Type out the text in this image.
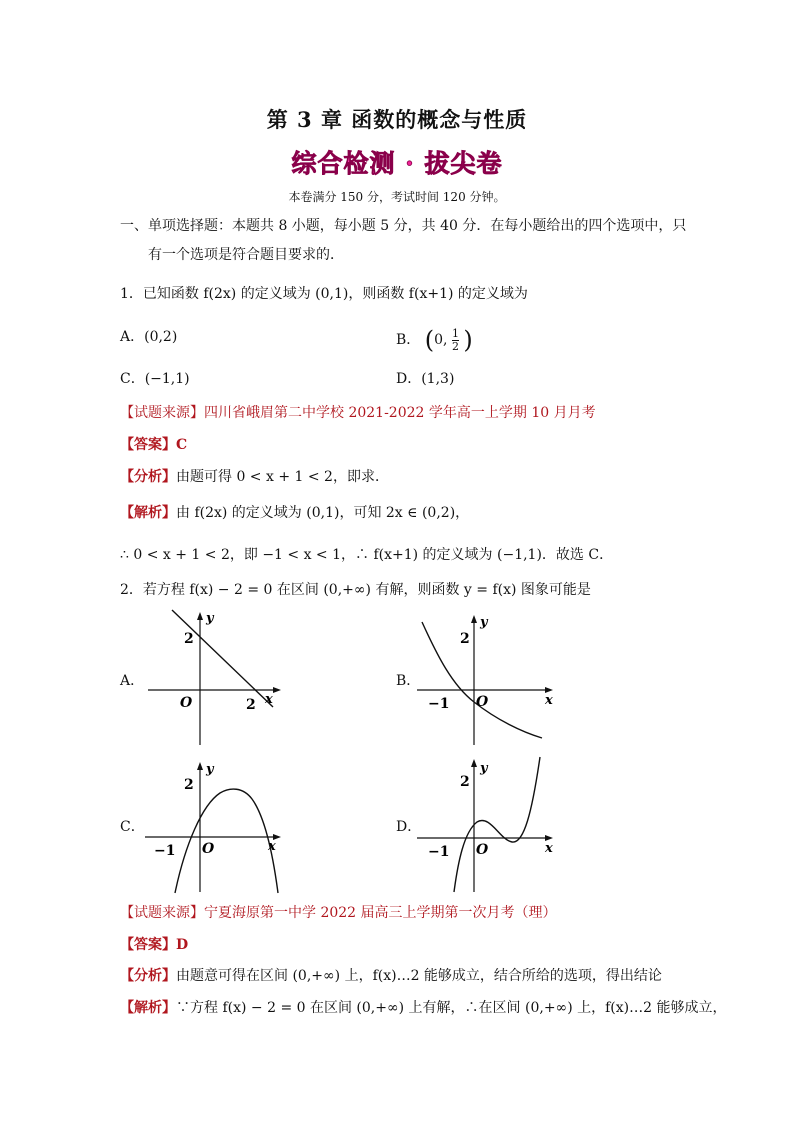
第 3 章 函数的概念与性质
综合检测 · 拔尖卷
本卷满分 150 分，考试时间 120 分钟。
一、单项选择题：本题共 8 小题，每小题 5 分，共 40 分．在每小题给出的四个选项中，只
有一个选项是符合题目要求的．
1．已知函数 f(2x) 的定义域为 (0,1)，则函数 f(x+1) 的定义域为
A．(0,2)	B． (0, $\frac{1}{2}$ )
C．(−1,1)	D．(1,3)
【试题来源】四川省峨眉第二中学校 2021-2022 学年高一上学期 10 月月考
【答案】C
【分析】由题可得 0 < x + 1 < 2，即求．
【解析】由 f(2x) 的定义域为 (0,1)，可知 2x ∈ (0,2)，
∴ 0 < x + 1 < 2，即 −1 < x < 1，∴ f(x+1) 的定义域为 (−1,1)．故选 C．
2．若方程 f(x) − 2 = 0 在区间 (0,+∞) 有解，则函数 y = f(x) 图象可能是
A．
y
2
x
2
O
B．
y
2
x
−1 O
C．
y
2
x
−1 O
D．
y
2
x
−1 O
【试题来源】宁夏海原第一中学 2022 届高三上学期第一次月考（理）
【答案】D
【分析】由题意可得在区间 (0,+∞) 上，f(x)…2 能够成立，结合所给的选项，得出结论
【解析】∵方程 f(x) − 2 = 0 在区间 (0,+∞) 上有解，∴在区间 (0,+∞) 上，f(x)…2 能够成立，
